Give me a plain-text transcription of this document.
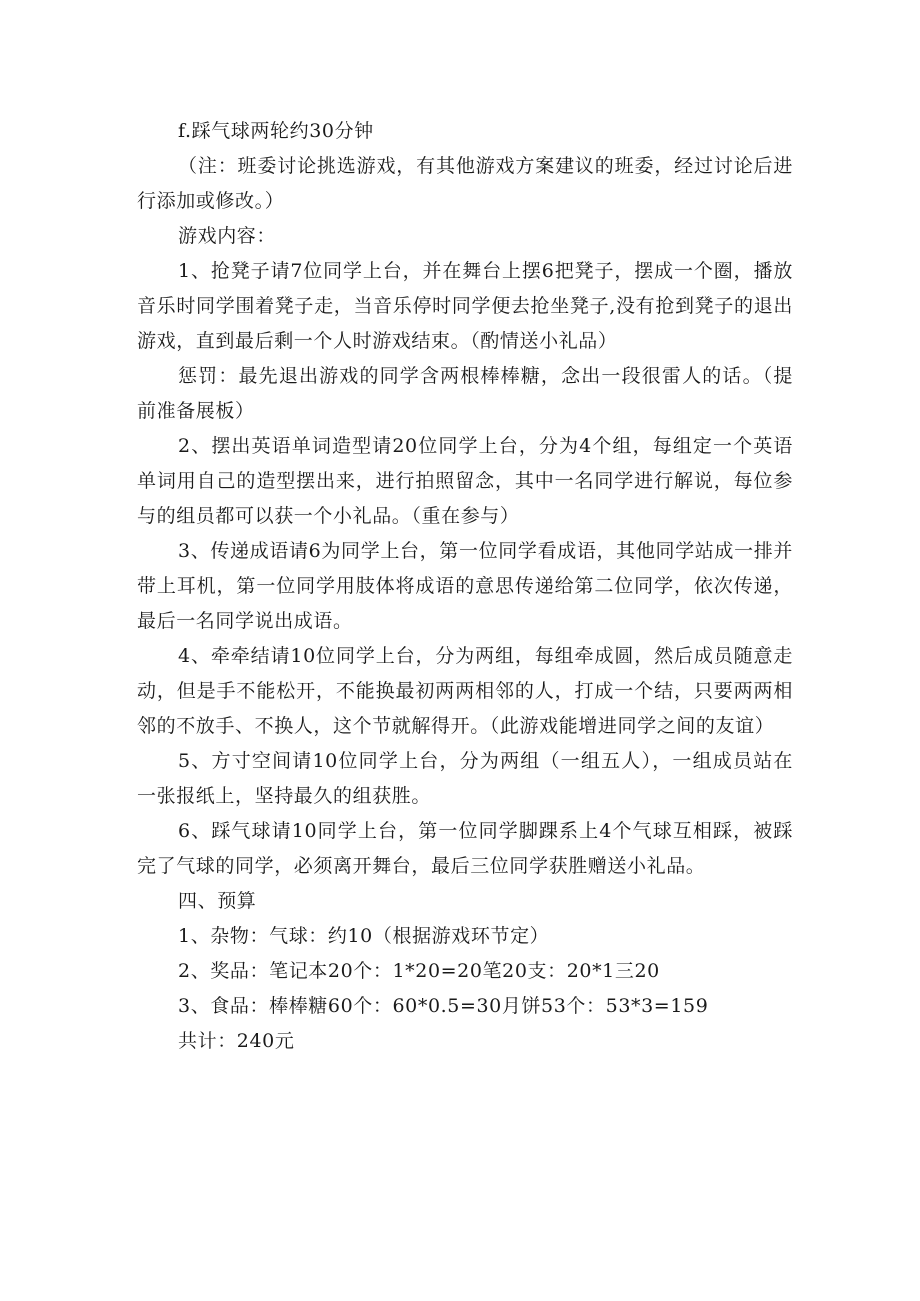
f.踩气球两轮约30分钟

（注：班委讨论挑选游戏，有其他游戏方案建议的班委，经过讨论后进行添加或修改。）

游戏内容：

1、抢凳子请7位同学上台，并在舞台上摆6把凳子，摆成一个圈，播放音乐时同学围着凳子走，当音乐停时同学便去抢坐凳子,没有抢到凳子的退出游戏，直到最后剩一个人时游戏结束。（酌情送小礼品）

惩罚：最先退出游戏的同学含两根棒棒糖，念出一段很雷人的话。（提前准备展板）

2、摆出英语单词造型请20位同学上台，分为4个组，每组定一个英语单词用自己的造型摆出来，进行拍照留念，其中一名同学进行解说，每位参与的组员都可以获一个小礼品。（重在参与）

3、传递成语请6为同学上台，第一位同学看成语，其他同学站成一排并带上耳机，第一位同学用肢体将成语的意思传递给第二位同学，依次传递，最后一名同学说出成语。

4、牵牵结请10位同学上台，分为两组，每组牵成圆，然后成员随意走动，但是手不能松开，不能换最初两两相邻的人，打成一个结，只要两两相邻的不放手、不换人，这个节就解得开。（此游戏能增进同学之间的友谊）

5、方寸空间请10位同学上台，分为两组（一组五人），一组成员站在一张报纸上，坚持最久的组获胜。

6、踩气球请10同学上台，第一位同学脚踝系上4个气球互相踩，被踩完了气球的同学，必须离开舞台，最后三位同学获胜赠送小礼品。

四、预算

1、杂物：气球：约10（根据游戏环节定）

2、奖品：笔记本20个：1*20=20笔20支：20*1三20

3、食品：棒棒糖60个：60*0.5=30月饼53个：53*3=159

共计：240元
